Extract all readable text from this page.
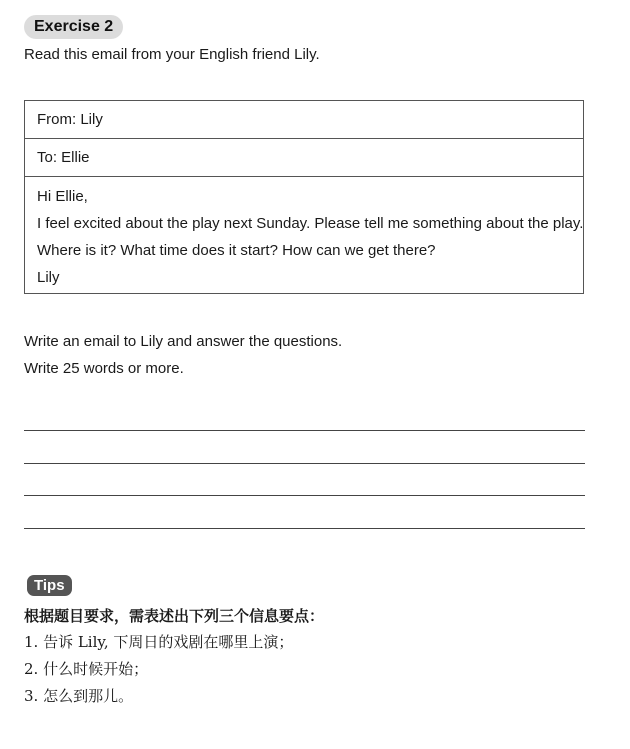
Exercise 2
Read this email from your English friend Lily.
From: Lily
To: Ellie
Hi Ellie,
I feel excited about the play next Sunday. Please tell me something about the play.
Where is it? What time does it start? How can we get there?
Lily
Write an email to Lily and answer the questions.
Write 25 words or more.
Tips
根据题目要求，需表述出下列三个信息要点：
1. 告诉 Lily, 下周日的戏剧在哪里上演；
2. 什么时候开始；
3. 怎么到那儿。
